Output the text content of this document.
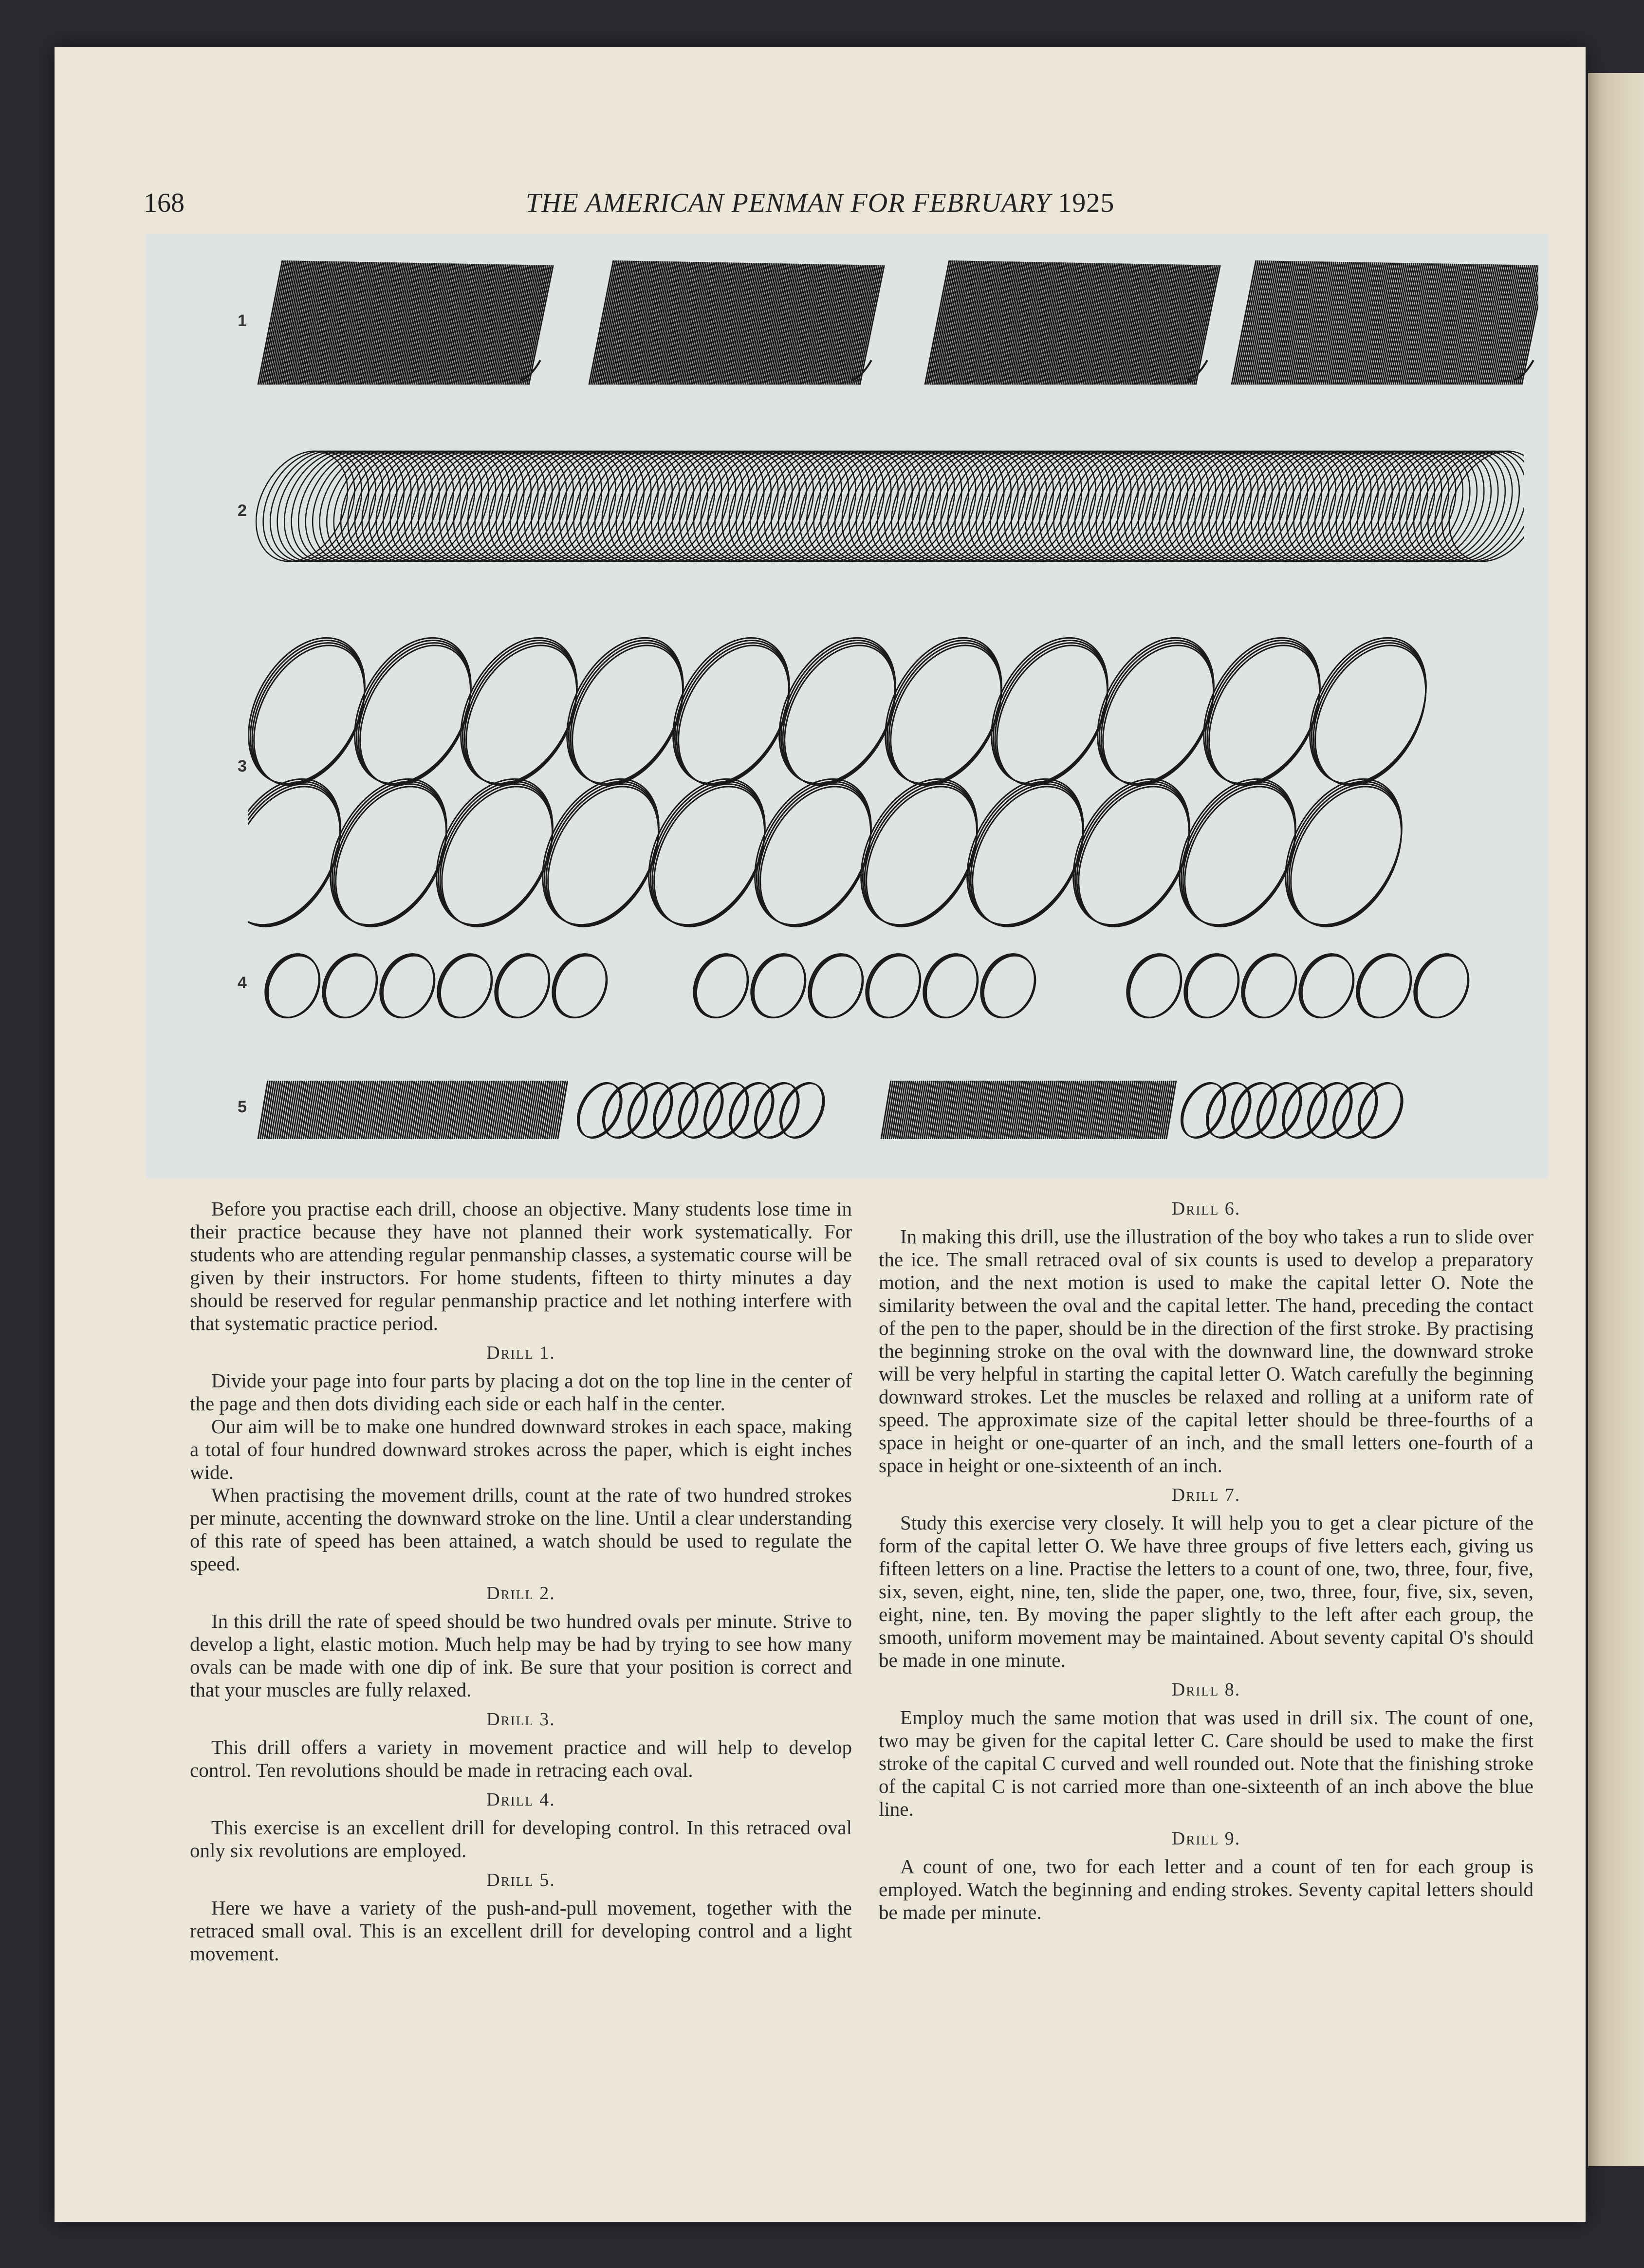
168	THE AMERICAN PENMAN FOR FEBRUARY 1925
1
2
3
4
5

Before you practise each drill, choose an objective. Many students lose time in their practice because they have not planned their work systematically. For students who are attending regular penmanship classes, a systematic course will be given by their instructors. For home students, fifteen to thirty minutes a day should be reserved for regular penmanship practice and let nothing interfere with that systematic practice period.

Drill 1.

Divide your page into four parts by placing a dot on the top line in the center of the page and then dots dividing each side or each half in the center.

Our aim will be to make one hundred downward strokes in each space, making a total of four hundred downward strokes across the paper, which is eight inches wide.

When practising the movement drills, count at the rate of two hundred strokes per minute, accenting the downward stroke on the line. Until a clear understanding of this rate of speed has been attained, a watch should be used to regulate the speed.

Drill 2.

In this drill the rate of speed should be two hundred ovals per minute. Strive to develop a light, elastic motion. Much help may be had by trying to see how many ovals can be made with one dip of ink. Be sure that your position is correct and that your muscles are fully relaxed.

Drill 3.

This drill offers a variety in movement practice and will help to develop control. Ten revolutions should be made in retracing each oval.

Drill 4.

This exercise is an excellent drill for developing control. In this retraced oval only six revolutions are employed.

Drill 5.

Here we have a variety of the push-and-pull movement, together with the retraced small oval. This is an excellent drill for developing control and a light movement.

Drill 6.

In making this drill, use the illustration of the boy who takes a run to slide over the ice. The small retraced oval of six counts is used to develop a preparatory motion, and the next motion is used to make the capital letter O. Note the similarity between the oval and the capital letter. The hand, preceding the contact of the pen to the paper, should be in the direction of the first stroke. By practising the beginning stroke on the oval with the downward line, the downward stroke will be very helpful in starting the capital letter O. Watch carefully the beginning downward strokes. Let the muscles be relaxed and rolling at a uniform rate of speed. The approximate size of the capital letter should be three-fourths of a space in height or one-quarter of an inch, and the small letters one-fourth of a space in height or one-sixteenth of an inch.

Drill 7.

Study this exercise very closely. It will help you to get a clear picture of the form of the capital letter O. We have three groups of five letters each, giving us fifteen letters on a line. Practise the letters to a count of one, two, three, four, five, six, seven, eight, nine, ten, slide the paper, one, two, three, four, five, six, seven, eight, nine, ten. By moving the paper slightly to the left after each group, the smooth, uniform movement may be maintained. About seventy capital O's should be made in one minute.

Drill 8.

Employ much the same motion that was used in drill six. The count of one, two may be given for the capital letter C. Care should be used to make the first stroke of the capital C curved and well rounded out. Note that the finishing stroke of the capital C is not carried more than one-sixteenth of an inch above the blue line.

Drill 9.

A count of one, two for each letter and a count of ten for each group is employed. Watch the beginning and ending strokes. Seventy capital letters should be made per minute.
